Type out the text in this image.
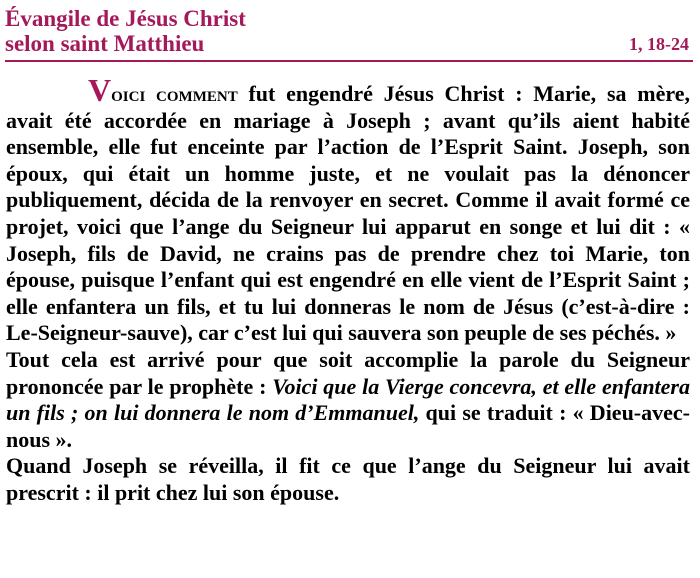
Évangile de Jésus Christ
selon saint Matthieu	1, 18-24

Voici comment fut engendré Jésus Christ : Marie, sa mère, avait été accordée en mariage à Joseph ; avant qu’ils aient habité ensemble, elle fut enceinte par l’action de l’Esprit Saint. Joseph, son époux, qui était un homme juste, et ne voulait pas la dénoncer publiquement, décida de la renvoyer en secret. Comme il avait formé ce projet, voici que l’ange du Seigneur lui apparut en songe et lui dit : « Joseph, fils de David, ne crains pas de prendre chez toi Marie, ton épouse, puisque l’enfant qui est engendré en elle vient de l’Esprit Saint ; elle enfantera un fils, et tu lui donneras le nom de Jésus (c’est-à-dire : Le-Seigneur-sauve), car c’est lui qui sauvera son peuple de ses péchés. »

Tout cela est arrivé pour que soit accomplie la parole du Seigneur prononcée par le prophète : Voici que la Vierge concevra, et elle enfantera un fils ; on lui donnera le nom d’Emmanuel, qui se traduit : « Dieu-avec-nous ».

Quand Joseph se réveilla, il fit ce que l’ange du Seigneur lui avait prescrit : il prit chez lui son épouse.
